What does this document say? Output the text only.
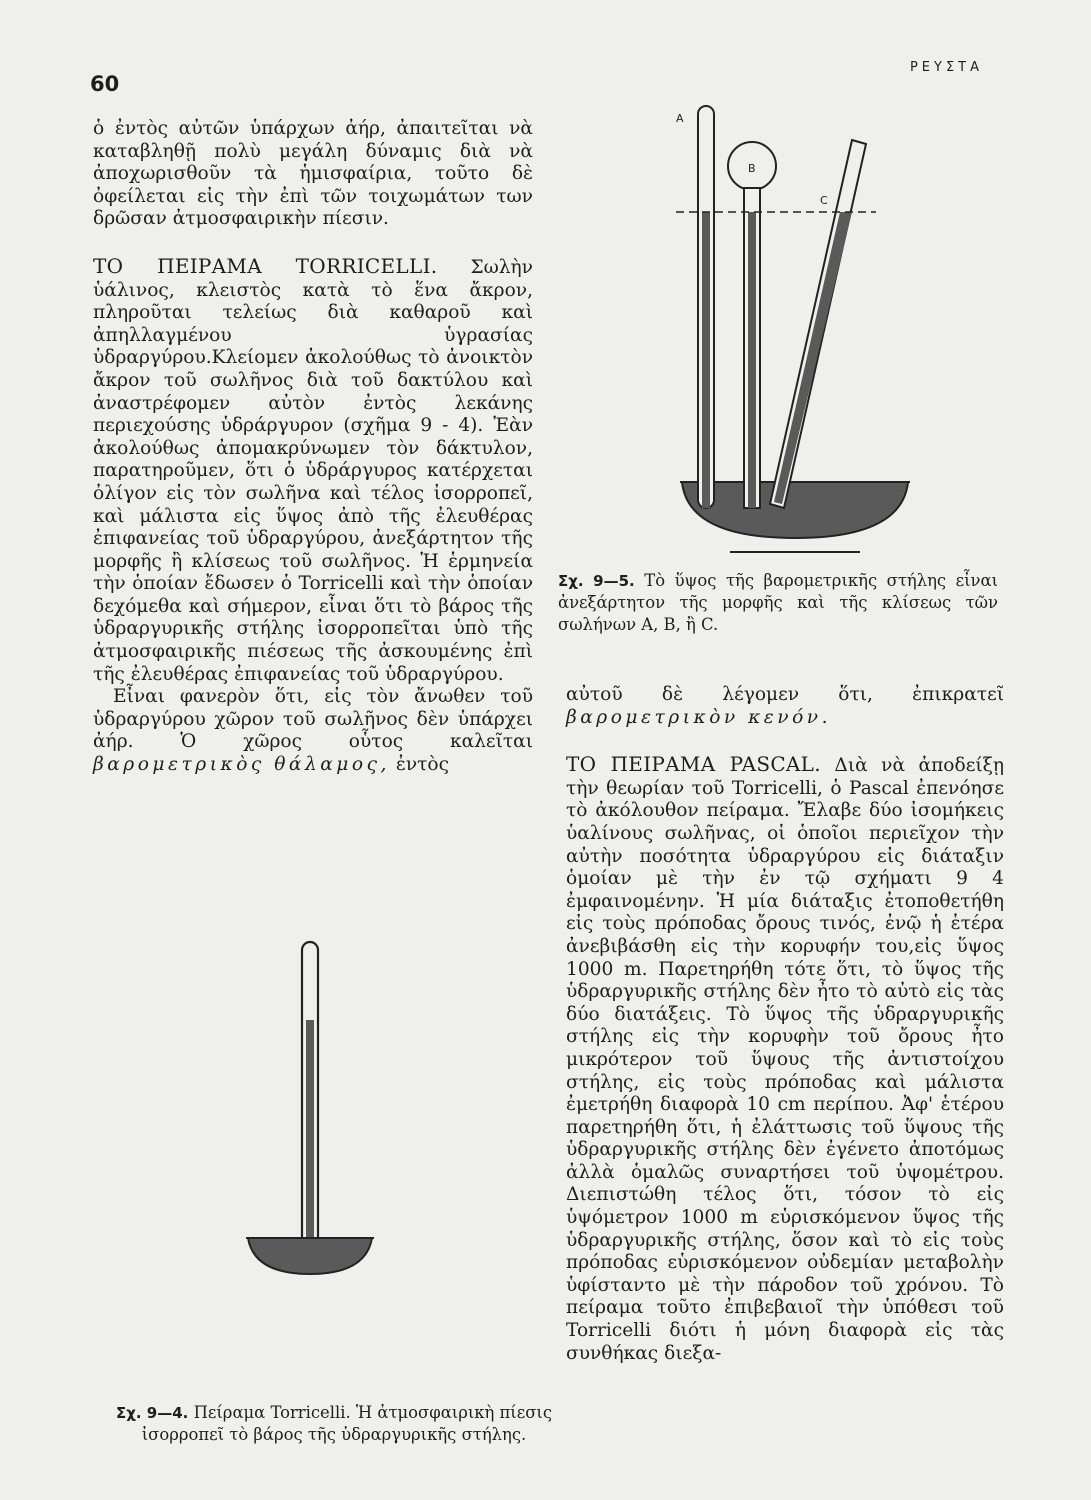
60
ΡΕΥΣΤΑ

ὁ ἐντὸς αὐτῶν ὑπάρχων ἀήρ, ἀπαιτεῖται νὰ καταβληθῇ πολὺ μεγάλη δύναμις διὰ νὰ ἀποχωρισθοῦν τὰ ἡμισφαίρια, τοῦτο δὲ ὀφείλεται εἰς τὴν ἐπὶ τῶν τοιχωμάτων των δρῶσαν ἀτμοσφαιρικὴν πίεσιν.

ΤΟ ΠΕΙΡΑΜΑ TORRICELLI. Σωλὴν ὑάλινος, κλειστὸς κατὰ τὸ ἕνα ἄκρον, πληροῦται τελείως διὰ καθαροῦ καὶ ἀπηλλαγμένου ὑγρασίας ὑδραργύρου.Κλείομεν ἀκολούθως τὸ ἀνοικτὸν ἄκρον τοῦ σωλῆνος διὰ τοῦ δακτύλου καὶ ἀναστρέφομεν αὐτὸν ἐντὸς λεκάνης περιεχούσης ὑδράργυρον (σχῆμα 9 - 4). Ἐὰν ἀκολούθως ἀπομακρύνωμεν τὸν δάκτυλον, παρατηροῦμεν, ὅτι ὁ ὑδράργυρος κατέρχεται ὀλίγον εἰς τὸν σωλῆνα καὶ τέλος ἰσορροπεῖ, καὶ μάλιστα εἰς ὕψος ἀπὸ τῆς ἐλευθέρας ἐπιφανείας τοῦ ὑδραργύρου, ἀνεξάρτητον τῆς μορφῆς ἢ κλίσεως τοῦ σωλῆνος. Ἡ ἑρμηνεία τὴν ὁποίαν ἔδωσεν ὁ Torricelli καὶ τὴν ὁποίαν δεχόμεθα καὶ σήμερον, εἶναι ὅτι τὸ βάρος τῆς ὑδραργυρικῆς στήλης ἰσορροπεῖται ὑπὸ τῆς ἀτμοσφαιρικῆς πιέσεως τῆς ἀσκουμένης ἐπὶ τῆς ἐλευθέρας ἐπιφανείας τοῦ ὑδραργύρου.

Εἶναι φανερὸν ὅτι, εἰς τὸν ἄνωθεν τοῦ ὑδραργύρου χῶρον τοῦ σωλῆνος δὲν ὑπάρχει ἀήρ. Ὁ χῶρος οὗτος καλεῖται βαρομετρικὸς θάλαμος, ἐντὸς

A
B
C
Σχ. 9—5. Τὸ ὕψος τῆς βαρομετρικῆς στήλης εἶναι ἀνεξάρτητον τῆς μορφῆς καὶ τῆς κλίσεως τῶν σωλήνων A, B, ἢ C.

αὐτοῦ δὲ λέγομεν ὅτι, ἐπικρατεῖ βαρομετρικὸν κενόν.

ΤΟ ΠΕΙΡΑΜΑ PASCAL. Διὰ νὰ ἀποδείξῃ τὴν θεωρίαν τοῦ Torricelli, ὁ Pascal ἐπενόησε τὸ ἀκόλουθον πείραμα. Ἔλαβε δύο ἰσομήκεις ὑαλίνους σωλῆνας, οἱ ὁποῖοι περιεῖχον τὴν αὐτὴν ποσότητα ὑδραργύρου εἰς διάταξιν ὁμοίαν μὲ τὴν ἐν τῷ σχήματι 9 4 ἐμφαινομένην. Ἡ μία διάταξις ἐτοποθετήθη εἰς τοὺς πρόποδας ὄρους τινός, ἐνῷ ἡ ἑτέρα ἀνεβιβάσθη εἰς τὴν κορυφήν του,εἰς ὕψος 1000 m. Παρετηρήθη τότε ὅτι, τὸ ὕψος τῆς ὑδραργυρικῆς στήλης δὲν ἦτο τὸ αὐτὸ εἰς τὰς δύο διατάξεις. Τὸ ὕψος τῆς ὑδραργυρικῆς στήλης εἰς τὴν κορυφὴν τοῦ ὄρους ἦτο μικρότερον τοῦ ὕψους τῆς ἀντιστοίχου στήλης, εἰς τοὺς πρόποδας καὶ μάλιστα ἐμετρήθη διαφορὰ 10 cm περίπου. Ἀφ' ἑτέρου παρετηρήθη ὅτι, ἡ ἐλάττωσις τοῦ ὕψους τῆς ὑδραργυρικῆς στήλης δὲν ἐγένετο ἀποτόμως ἀλλὰ ὁμαλῶς συναρτήσει τοῦ ὑψομέτρου. Διεπιστώθη τέλος ὅτι, τόσον τὸ εἰς ὑψόμετρον 1000 m εὑρισκόμενον ὕψος τῆς ὑδραργυρικῆς στήλης, ὅσον καὶ τὸ εἰς τοὺς πρόποδας εὑρισκόμενον οὐδεμίαν μεταβολὴν ὑφίσταντο μὲ τὴν πάροδον τοῦ χρόνου. Τὸ πείραμα τοῦτο ἐπιβεβαιοῖ τὴν ὑπόθεσι τοῦ Torricelli διότι ἡ μόνη διαφορὰ εἰς τὰς συνθήκας διεξα-

Σχ. 9—4. Πείραμα Torricelli. Ἡ ἀτμοσφαιρικὴ πίεσις ἰσορροπεῖ τὸ βάρος τῆς ὑδραργυρικῆς στήλης.
